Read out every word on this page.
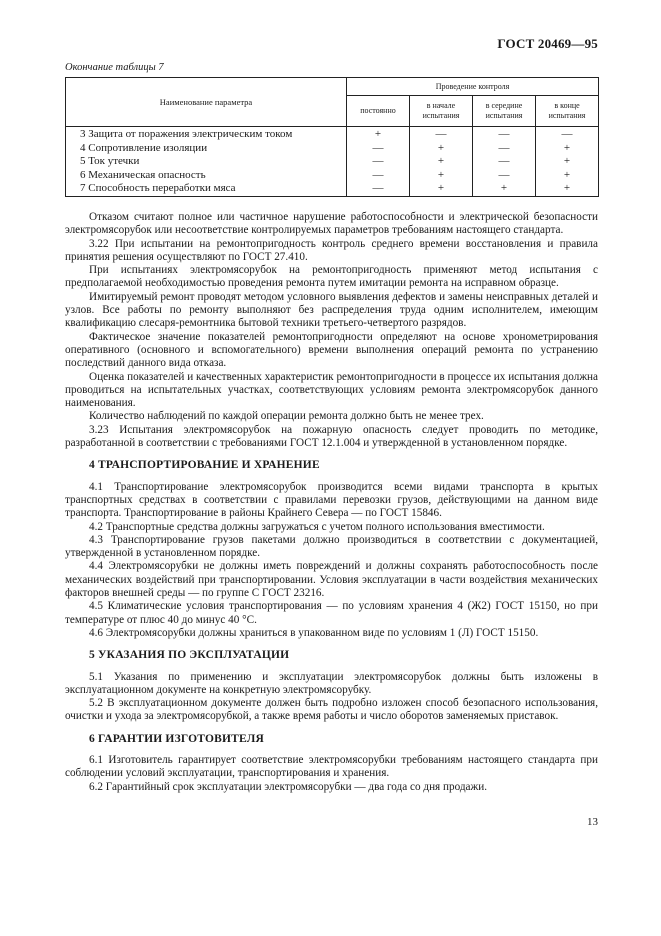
ГОСТ 20469—95
Окончание таблицы 7
Наименование параметра	Проведение контроля			
	постоянно	в начале испытания	в середине испытания	в конце испытания
3 Защита от поражения электрическим током	+	—	—	—
4 Сопротивление изоляции	—	+	—	+
5 Ток утечки	—	+	—	+
6 Механическая опасность	—	+	—	+
7 Способность переработки мяса	—	+	+	+

Отказом считают полное или частичное нарушение работоспособности и электрической безопасности электромясорубок или несоответствие контролируемых параметров требованиям настоящего стандарта.

3.22 При испытании на ремонтопригодность контроль среднего времени восстановления и правила принятия решения осуществляют по ГОСТ 27.410.

При испытаниях электромясорубок на ремонтопригодность применяют метод испытания с предполагаемой необходимостью проведения ремонта путем имитации ремонта на исправном образце.

Имитируемый ремонт проводят методом условного выявления дефектов и замены неисправных деталей и узлов. Все работы по ремонту выполняют без распределения труда одним исполнителем, имеющим квалификацию слесаря-ремонтника бытовой техники третьего-четвертого разрядов.

Фактическое значение показателей ремонтопригодности определяют на основе хронометрирования оперативного (основного и вспомогательного) времени выполнения операций ремонта по устранению последствий данного вида отказа.

Оценка показателей и качественных характеристик ремонтопригодности в процессе их испытания должна проводиться на испытательных участках, соответствующих условиям ремонта электромясорубок данного наименования.

Количество наблюдений по каждой операции ремонта должно быть не менее трех.

3.23 Испытания электромясорубок на пожарную опасность следует проводить по методике, разработанной в соответствии с требованиями ГОСТ 12.1.004 и утвержденной в установленном порядке.

4 ТРАНСПОРТИРОВАНИЕ И ХРАНЕНИЕ

4.1 Транспортирование электромясорубок производится всеми видами транспорта в крытых транспортных средствах в соответствии с правилами перевозки грузов, действующими на данном виде транспорта. Транспортирование в районы Крайнего Севера — по ГОСТ 15846.

4.2 Транспортные средства должны загружаться с учетом полного использования вместимости.

4.3 Транспортирование грузов пакетами должно производиться в соответствии с документацией, утвержденной в установленном порядке.

4.4 Электромясорубки не должны иметь повреждений и должны сохранять работоспособность после механических воздействий при транспортировании. Условия эксплуатации в части воздействия механических факторов внешней среды — по группе С ГОСТ 23216.

4.5 Климатические условия транспортирования — по условиям хранения 4 (Ж2) ГОСТ 15150, но при температуре от плюс 40 до минус 40 °С.

4.6 Электромясорубки должны храниться в упакованном виде по условиям 1 (Л) ГОСТ 15150.

5 УКАЗАНИЯ ПО ЭКСПЛУАТАЦИИ

5.1 Указания по применению и эксплуатации электромясорубок должны быть изложены в эксплуатационном документе на конкретную электромясорубку.

5.2 В эксплуатационном документе должен быть подробно изложен способ безопасного использования, очистки и ухода за электромясорубкой, а также время работы и число оборотов заменяемых приставок.

6 ГАРАНТИИ ИЗГОТОВИТЕЛЯ

6.1 Изготовитель гарантирует соответствие электромясорубки требованиям настоящего стандарта при соблюдении условий эксплуатации, транспортирования и хранения.

6.2 Гарантийный срок эксплуатации электромясорубки — два года со дня продажи.

13
